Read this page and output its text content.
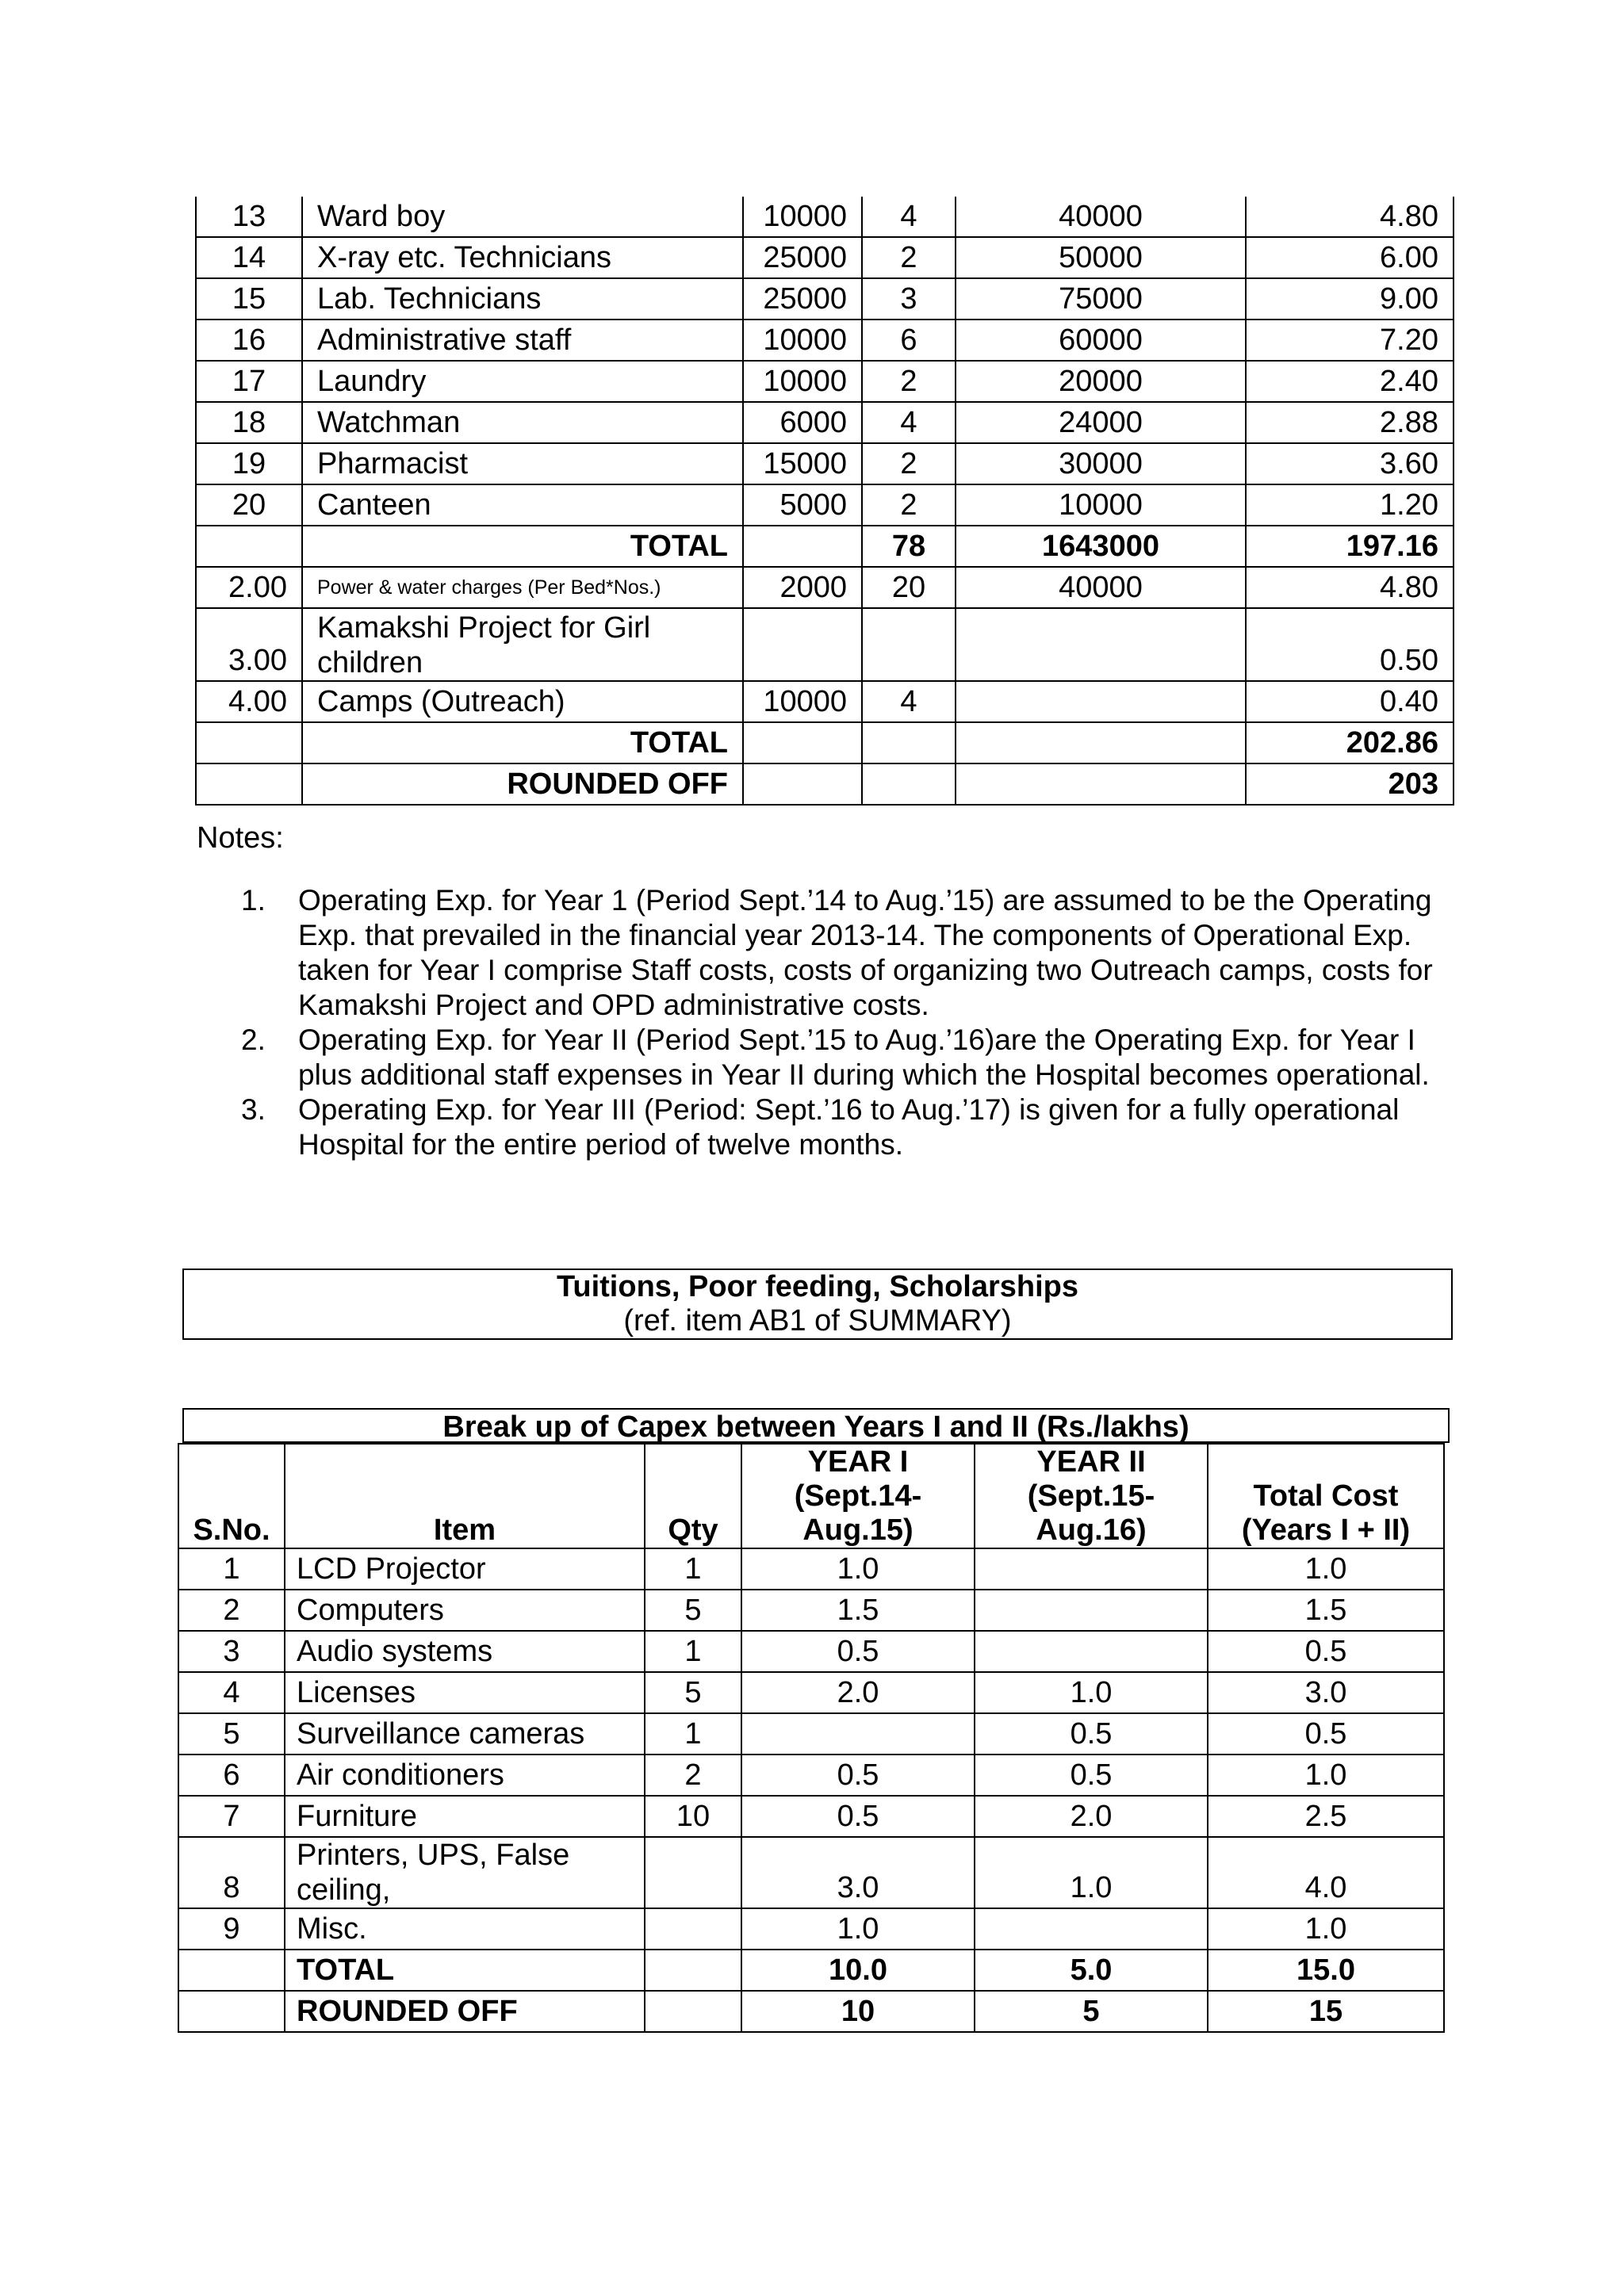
13	Ward boy	10000	4	40000	4.80
14	X-ray etc. Technicians	25000	2	50000	6.00
15	Lab. Technicians	25000	3	75000	9.00
16	Administrative staff	10000	6	60000	7.20
17	Laundry	10000	2	20000	2.40
18	Watchman	6000	4	24000	2.88
19	Pharmacist	15000	2	30000	3.60
20	Canteen	5000	2	10000	1.20
	TOTAL		78	1643000	197.16
2.00	Power & water charges (Per Bed*Nos.)	2000	20	40000	4.80
3.00	Kamakshi Project for Girl children				0.50
4.00	Camps (Outreach)	10000	4		0.40
	TOTAL				202.86
	ROUNDED OFF				203
Notes:
1.	Operating Exp. for Year 1 (Period Sept.’14 to Aug.’15) are assumed to be the Operating Exp. that prevailed in the financial year 2013-14. The components of Operational Exp. taken for Year I comprise Staff costs, costs of organizing two Outreach camps, costs for Kamakshi Project and OPD administrative costs.
2.	Operating Exp. for Year II (Period Sept.’15 to Aug.’16)are the Operating Exp. for Year I plus additional staff expenses in Year II during which the Hospital becomes operational.
3.	Operating Exp. for Year III (Period: Sept.’16 to Aug.’17) is given for a fully operational Hospital for the entire period of twelve months.
Tuitions, Poor feeding, Scholarships
(ref. item AB1 of SUMMARY)
Break up of Capex between Years I and II (Rs./lakhs)
S.No.	Item	Qty	YEAR I (Sept.14-Aug.15)	YEAR II (Sept.15-Aug.16)	Total Cost (Years I + II)
1	LCD Projector	1	1.0		1.0
2	Computers	5	1.5		1.5
3	Audio systems	1	0.5		0.5
4	Licenses	5	2.0	1.0	3.0
5	Surveillance cameras	1		0.5	0.5
6	Air conditioners	2	0.5	0.5	1.0
7	Furniture	10	0.5	2.0	2.5
8	Printers, UPS, False ceiling,		3.0	1.0	4.0
9	Misc.		1.0		1.0
	TOTAL		10.0	5.0	15.0
	ROUNDED OFF		10	5	15
